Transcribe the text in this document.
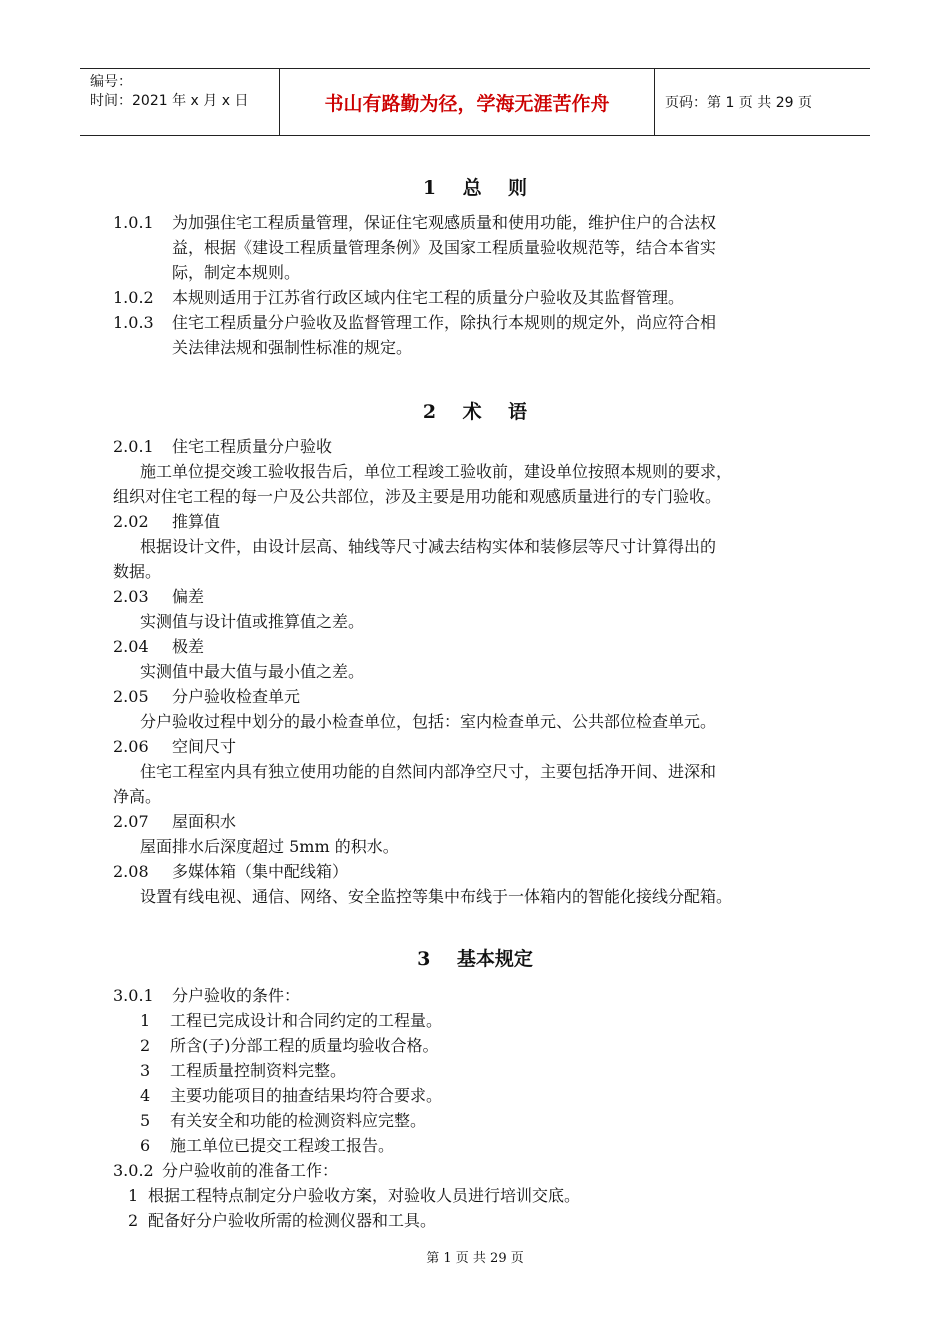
编号：
时间：2021 年 x 月 x 日	书山有路勤为径，学海无涯苦作舟	页码：第 1 页 共 29 页
1    总    则
1.0.1 为加强住宅工程质量管理，保证住宅观感质量和使用功能，维护住户的合法权
益，根据《建设工程质量管理条例》及国家工程质量验收规范等，结合本省实
际，制定本规则。
1.0.2 本规则适用于江苏省行政区域内住宅工程的质量分户验收及其监督管理。
1.0.3 住宅工程质量分户验收及监督管理工作，除执行本规则的规定外，尚应符合相
关法律法规和强制性标准的规定。
2    术    语
2.0.1 住宅工程质量分户验收
施工单位提交竣工验收报告后，单位工程竣工验收前，建设单位按照本规则的要求，
组织对住宅工程的每一户及公共部位，涉及主要是用功能和观感质量进行的专门验收。
2.02 推算值
根据设计文件，由设计层高、轴线等尺寸减去结构实体和装修层等尺寸计算得出的
数据。
2.03 偏差
实测值与设计值或推算值之差。
2.04 极差
实测值中最大值与最小值之差。
2.05 分户验收检查单元
分户验收过程中划分的最小检查单位，包括：室内检查单元、公共部位检查单元。
2.06 空间尺寸
住宅工程室内具有独立使用功能的自然间内部净空尺寸，主要包括净开间、进深和
净高。
2.07 屋面积水
屋面排水后深度超过 5mm 的积水。
2.08 多媒体箱（集中配线箱）
设置有线电视、通信、网络、安全监控等集中布线于一体箱内的智能化接线分配箱。
3    基本规定
3.0.1 分户验收的条件：
1 工程已完成设计和合同约定的工程量。
2 所含(子)分部工程的质量均验收合格。
3 工程质量控制资料完整。
4 主要功能项目的抽查结果均符合要求。
5 有关安全和功能的检测资料应完整。
6 施工单位已提交工程竣工报告。
3.0.2 分户验收前的准备工作：
1 根据工程特点制定分户验收方案，对验收人员进行培训交底。
2 配备好分户验收所需的检测仪器和工具。
第 1 页 共 29 页
